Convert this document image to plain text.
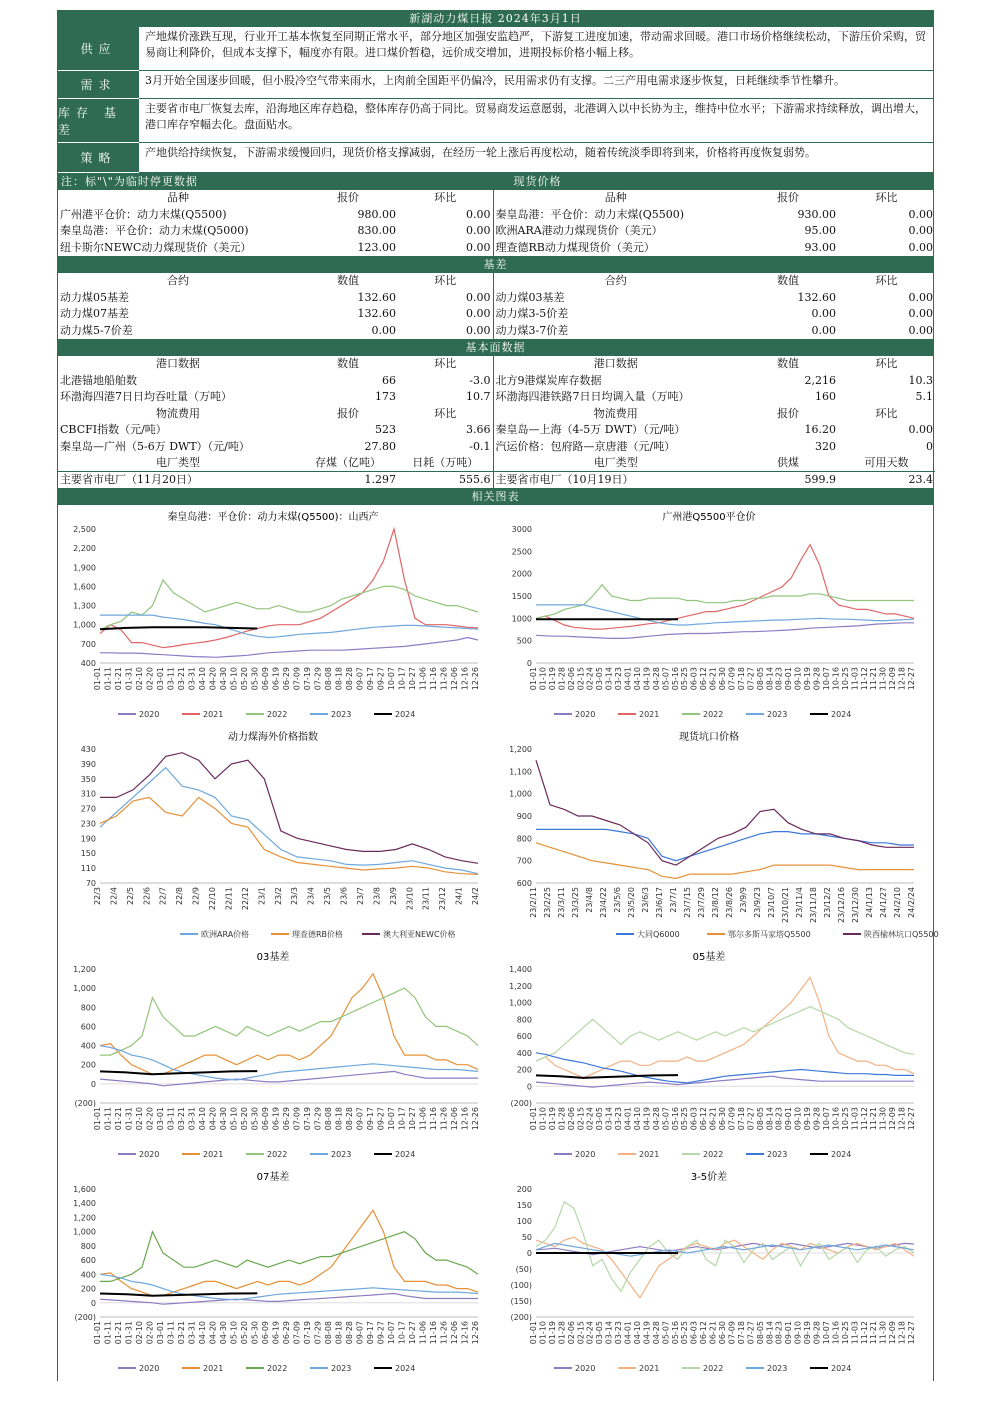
新湖动力煤日报 2024年3月1日
供应
产地煤价涨跌互现，行业开工基本恢复至同期正常水平，部分地区加强安监趋严，下游复工进度加速，带动需求回暖。港口市场价格继续松动，下游压价采购，贸易商让利降价，但成本支撑下，幅度亦有限。进口煤价暂稳，远价成交增加，进期投标价格小幅上移。
需求	3月开始全国逐步回暖，但小股冷空气带来雨水，上肉前全国距平仍偏冷，民用需求仍有支撑。二三产用电需求逐步恢复，日耗继续季节性攀升。
库存 基差
主要省市电厂恢复去库，沿海地区库存趋稳，整体库存仍高于同比。贸易商发运意愿弱，北港调入以中长协为主，维持中位水平；下游需求持续释放，调出增大，港口库存窄幅去化。盘面贴水。
策略	产地供给持续恢复，下游需求缓慢回归，现货价格支撑减弱，在经历一轮上涨后再度松动，随着传统淡季即将到来，价格将再度恢复弱势。
注：标"\"为临时停更数据	现货价格
品种	报价	环比	品种	报价	环比
广州港平仓价：动力末煤(Q5500)	980.00	0.00	秦皇岛港：平仓价：动力末煤(Q5500)	930.00	0.00
秦皇岛港：平仓价：动力末煤(Q5000)	830.00	0.00	欧洲ARA港动力煤现货价（美元）	95.00	0.00
纽卡斯尔NEWC动力煤现货价（美元）	123.00	0.00	理查德RB动力煤现货价（美元）	93.00	0.00
基差
合约	数值	环比	合约	数值	环比
动力煤05基差	132.60	0.00	动力煤03基差	132.60	0.00
动力煤07基差	132.60	0.00	动力煤3-5价差	0.00	0.00
动力煤5-7价差	0.00	0.00	动力煤3-7价差	0.00	0.00
基本面数据
港口数据	数值	环比	港口数据	数值	环比
北港锚地船舶数	66	-3.0	北方9港煤炭库存数据	2,216	10.3
环渤海四港7日日均吞吐量（万吨）	173	10.7	环渤海四港铁路7日日均调入量（万吨）	160	5.1
物流费用	报价	环比	物流费用	报价	环比
CBCFI指数（元/吨）	523	3.66	秦皇岛—上海（4-5万 DWT）（元/吨）	16.20	0.00
秦皇岛—广州（5-6万 DWT）（元/吨）	27.80	-0.1	汽运价格：包府路—京唐港（元/吨）	320	0
电厂类型	存煤（亿吨）	日耗（万吨）	电厂类型	供煤	可用天数
主要省市电厂（11月20日）	1.297	555.6	主要省市电厂（10月19日）	599.9	23.4
相关图表
秦皇岛港：平仓价：动力末煤(Q5500)：山西产
2,500
2,200
1,900
1,600
1,300
1,000
700
400
01-01 01-11 01-21 01-31 02-10 02-20 03-01 03-11 03-21 03-31 04-10 04-20 04-30 05-10 05-20 05-30 06-09 06-19 06-29 07-09 07-19 07-29 08-08 08-18 08-28 09-07 09-17 09-27 10-07 10-17 10-27 11-06 11-16 11-26 12-06 12-16 12-26
2020	2021	2022	2023	2024
广州港Q5500平仓价
3000
2500
2000
1500
1000
500
0
01-01 01-10 01-19 01-28 02-06 02-15 02-24 03-05 03-14 03-23 04-01 04-10 04-19 04-28 05-07 05-16 05-25 06-03 06-12 06-21 06-30 07-09 07-18 07-27 08-05 08-14 08-23 09-01 09-10 09-19 09-28 10-07 10-16 10-25 11-03 11-12 11-21 11-30 12-09 12-18 12-27
2020	2021	2022	2023	2024
动力煤海外价格指数
430
390
350
310
270
230
190
150
110
70
22/3 22/4 22/5 22/6 22/7 22/8 22/9 22/10 22/11 22/12 23/1 23/2 23/3 23/4 23/5 23/6 23/7 23/8 23/9 23/10 23/11 23/12 24/1 24/2
欧洲ARA价格	理查德RB价格	澳大利亚NEWC价格
现货坑口价格
1,200
1,100
1,000
900
800
700
600
23/2/11 23/2/25 23/3/11 23/3/25 23/4/8 23/4/22 23/5/6 23/5/20 23/6/3 23/6/17 23/7/1 23/7/15 23/7/29 23/8/12 23/8/26 23/9/9 23/9/23 23/10/7 23/10/21 23/11/4 23/11/18 23/12/2 23/12/16 23/12/30 24/1/13 24/1/27 24/2/10 24/2/24
大同Q6000	鄂尔多斯马家塔Q5500	陕西榆林坑口Q5500
03基差
1,200
1,000
800
600
400
200
0
(200)
01-01 01-11 01-21 01-31 02-10 02-20 03-01 03-11 03-21 03-31 04-10 04-20 04-30 05-10 05-20 05-30 06-09 06-19 06-29 07-09 07-19 07-29 08-08 08-18 08-28 09-07 09-17 09-27 10-07 10-17 10-27 11-06 11-16 11-26 12-06 12-16 12-26
2020	2021	2022	2023	2024
05基差
1,400
1,200
1,000
800
600
400
200
0
(200)
01-01 01-10 01-19 01-28 02-06 02-15 02-24 03-05 03-14 03-23 04-01 04-10 04-19 04-28 05-07 05-16 05-25 06-03 06-12 06-21 06-30 07-09 07-18 07-27 08-05 08-14 08-23 09-01 09-10 09-19 09-28 10-07 10-16 10-25 11-03 11-12 11-21 11-30 12-09 12-18 12-27
2020	2021	2022	2023	2024
07基差
1,600
1,400
1,200
1,000
800
600
400
200
0
(200)
01-01 01-11 01-21 01-31 02-10 02-20 03-01 03-11 03-21 03-31 04-10 04-20 04-30 05-10 05-20 05-30 06-09 06-19 06-29 07-09 07-19 07-29 08-08 08-18 08-28 09-07 09-17 09-27 10-07 10-17 10-27 11-06 11-16 11-26 12-06 12-16 12-26
2020	2021	2022	2023	2024
3-5价差
200
150
100
50
0
(50)
(100)
(150)
(200)
01-01 01-10 01-19 01-28 02-06 02-15 02-24 03-05 03-14 03-23 04-01 04-10 04-19 04-28 05-07 05-16 05-25 06-03 06-12 06-21 06-30 07-09 07-18 07-27 08-05 08-14 08-23 09-01 09-10 09-19 09-28 10-07 10-16 10-25 11-03 11-12 11-21 11-30 12-09 12-18 12-27
2020	2021	2022	2023	2024
